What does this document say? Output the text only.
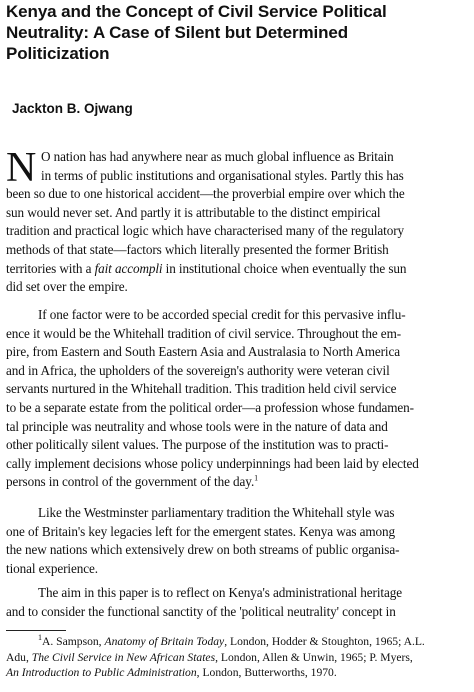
Kenya and the Concept of Civil Service Political
Neutrality: A Case of Silent but Determined
Politicization

Jackton B. Ojwang

N O nation has had anywhere near as much global influence as Britain
in terms of public institutions and organisational styles. Partly this has
been so due to one historical accident—the proverbial empire over which the
sun would never set. And partly it is attributable to the distinct empirical
tradition and practical logic which have characterised many of the regulatory
methods of that state—factors which literally presented the former British
territories with a fait accompli in institutional choice when eventually the sun
did set over the empire.

If one factor were to be accorded special credit for this pervasive influ-
ence it would be the Whitehall tradition of civil service. Throughout the em-
pire, from Eastern and South Eastern Asia and Australasia to North America
and in Africa, the upholders of the sovereign's authority were veteran civil
servants nurtured in the Whitehall tradition. This tradition held civil service
to be a separate estate from the political order—a profession whose fundamen-
tal principle was neutrality and whose tools were in the nature of data and
other politically silent values. The purpose of the institution was to practi-
cally implement decisions whose policy underpinnings had been laid by elected
persons in control of the government of the day.$^1$

Like the Westminster parliamentary tradition the Whitehall style was
one of Britain's key legacies left for the emergent states. Kenya was among
the new nations which extensively drew on both streams of public organisa-
tional experience.

The aim in this paper is to reflect on Kenya's administrational heritage
and to consider the functional sanctity of the 'political neutrality' concept in

$^1$A. Sampson, Anatomy of Britain Today, London, Hodder & Stoughton, 1965; A.L.
Adu, The Civil Service in New African States, London, Allen & Unwin, 1965; P. Myers,
An Introduction to Public Administration, London, Butterworths, 1970.
